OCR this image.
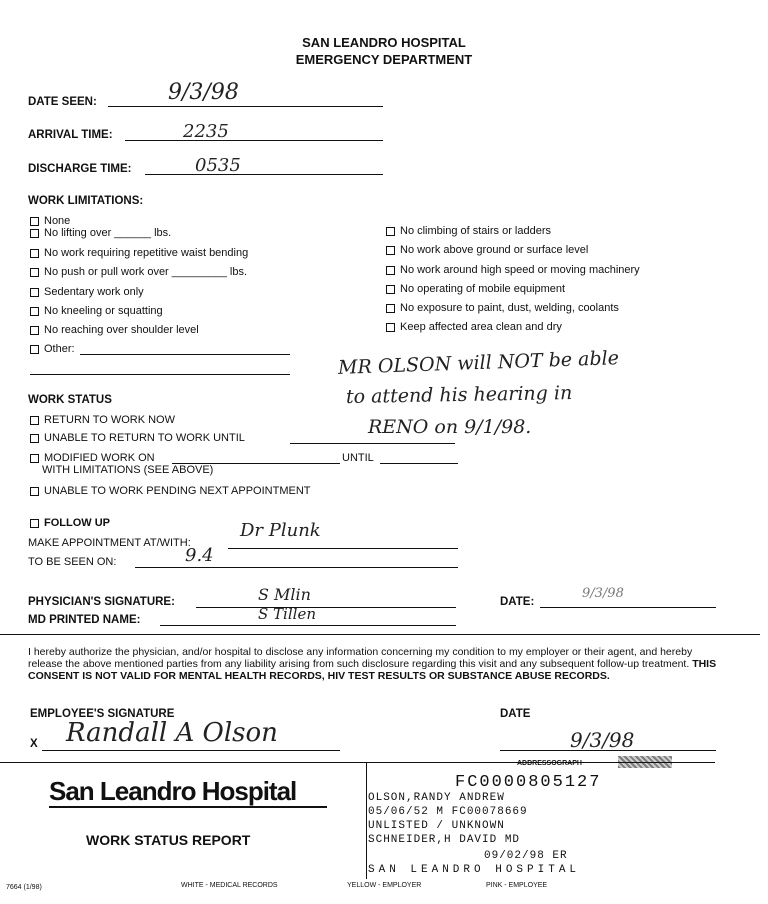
SAN LEANDRO HOSPITAL
EMERGENCY DEPARTMENT
DATE SEEN:	9/3/98
ARRIVAL TIME:	2235
DISCHARGE TIME:	0535
WORK LIMITATIONS:
None
No lifting over ______ lbs.
No work requiring repetitive waist bending
No push or pull work over _________ lbs.
Sedentary work only
No kneeling or squatting
No reaching over shoulder level
Other:
No climbing of stairs or ladders
No work above ground or surface level
No work around high speed or moving machinery
No operating of mobile equipment
No exposure to paint, dust, welding, coolants
Keep affected area clean and dry
MR OLSON will NOT be able
to attend his hearing in
RENO on 9/1/98.
WORK STATUS
RETURN TO WORK NOW
UNABLE TO RETURN TO WORK UNTIL
MODIFIED WORK ON	UNTIL
WITH LIMITATIONS (SEE ABOVE)
UNABLE TO WORK PENDING NEXT APPOINTMENT
FOLLOW UP
MAKE APPOINTMENT AT/WITH:
Dr Plunk
TO BE SEEN ON:	9.4
PHYSICIAN'S SIGNATURE:	S Mlin	DATE:
9/3/98
MD PRINTED NAME:	S Tillen
I hereby authorize the physician, and/or hospital to disclose any information concerning my condition to my employer or their agent, and hereby release the above mentioned parties from any liability arising from such disclosure regarding this visit and any subsequent follow-up treatment. THIS CONSENT IS NOT VALID FOR MENTAL HEALTH RECORDS, HIV TEST RESULTS OR SUBSTANCE ABUSE RECORDS.
EMPLOYEE'S SIGNATURE
X Randall A Olson
DATE
9/3/98
ADDRESSOGRAPH
San Leandro Hospital
WORK STATUS REPORT
7664 (1/98)	WHITE - MEDICAL RECORDS	YELLOW - EMPLOYER	PINK - EMPLOYEE
FC0000805127
OLSON,RANDY ANDREW
05/06/52 M FC00078669
UNLISTED / UNKNOWN
SCHNEIDER,H DAVID MD
09/02/98 ER
SAN LEANDRO HOSPITAL
